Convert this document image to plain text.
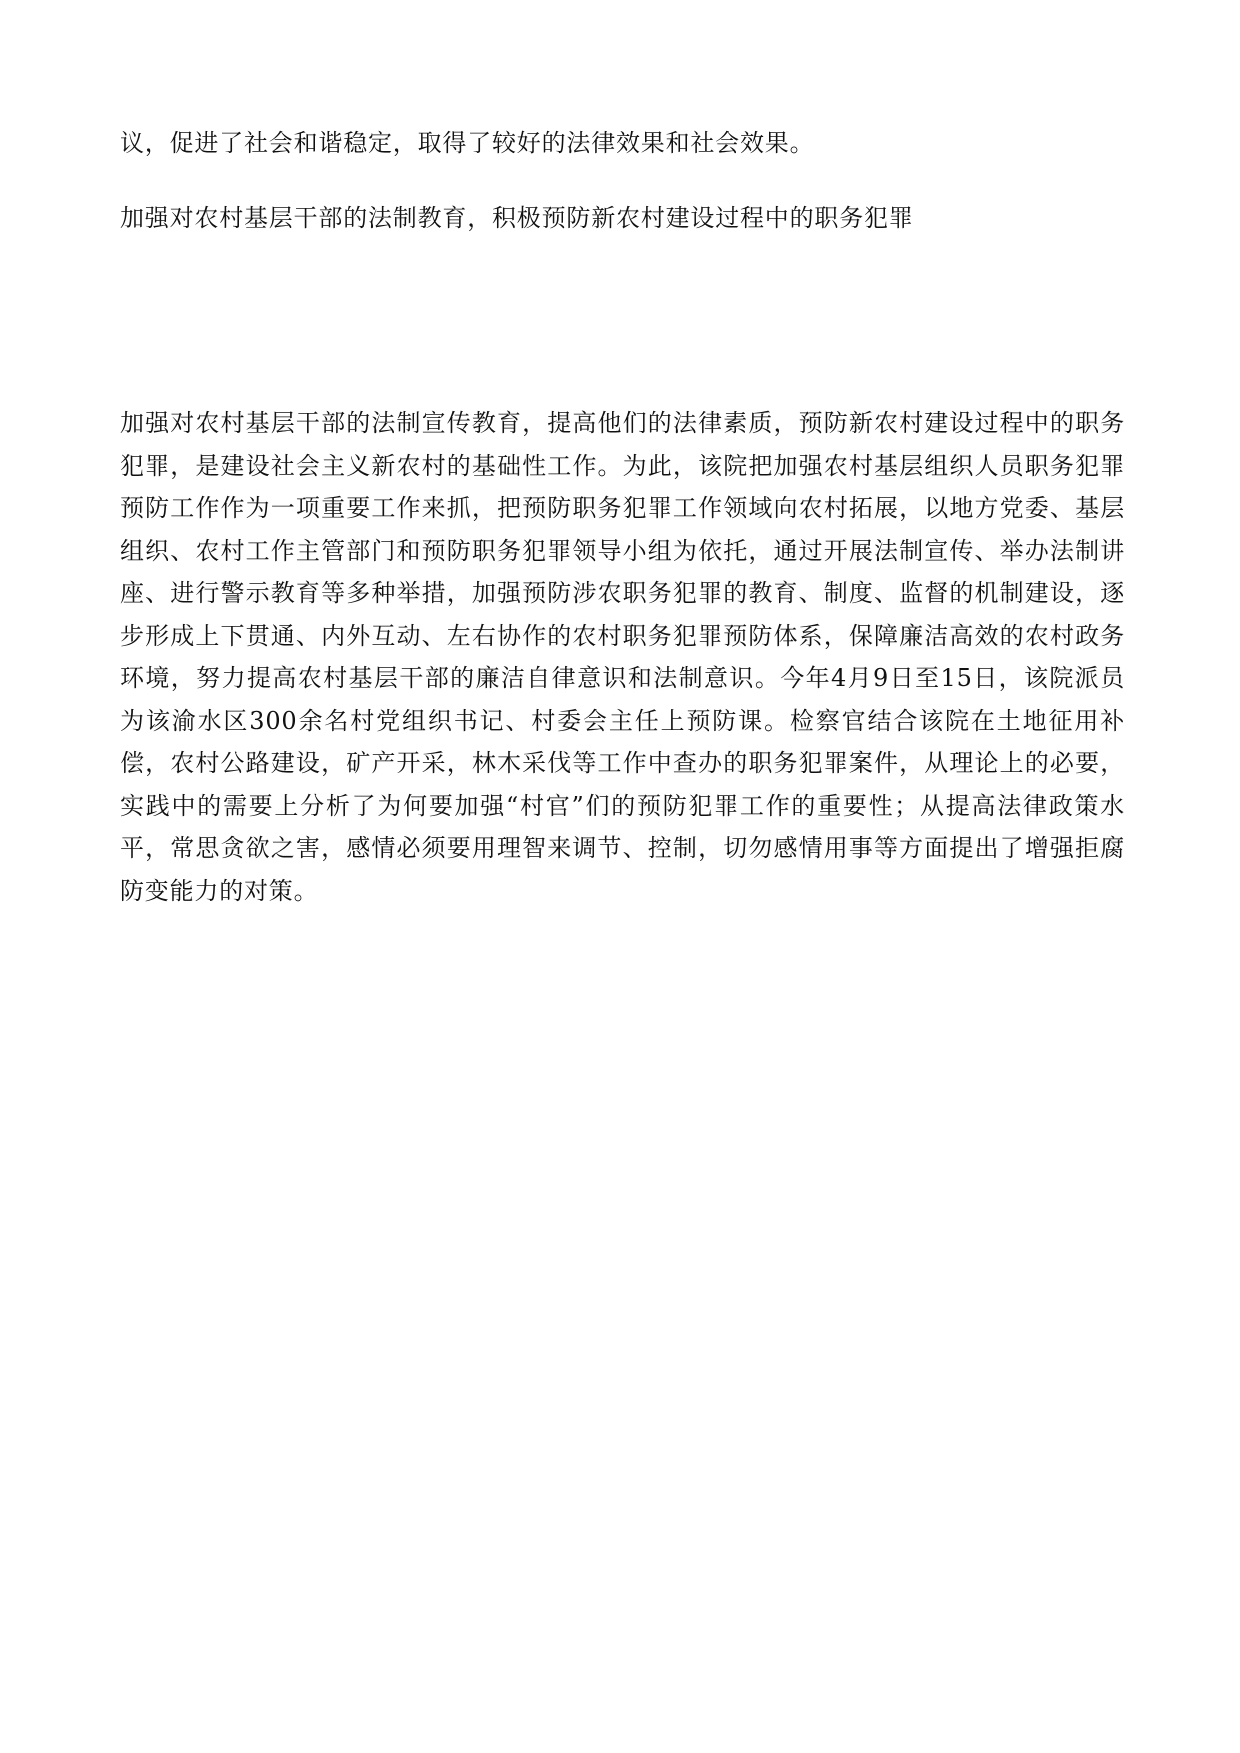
议，促进了社会和谐稳定，取得了较好的法律效果和社会效果。
加强对农村基层干部的法制教育，积极预防新农村建设过程中的职务犯罪
加强对农村基层干部的法制宣传教育，提高他们的法律素质，预防新农村建设过程中的职务犯罪，是建设社会主义新农村的基础性工作。为此，该院把加强农村基层组织人员职务犯罪预防工作作为一项重要工作来抓，把预防职务犯罪工作领域向农村拓展，以地方党委、基层组织、农村工作主管部门和预防职务犯罪领导小组为依托，通过开展法制宣传、举办法制讲座、进行警示教育等多种举措，加强预防涉农职务犯罪的教育、制度、监督的机制建设，逐步形成上下贯通、内外互动、左右协作的农村职务犯罪预防体系，保障廉洁高效的农村政务环境，努力提高农村基层干部的廉洁自律意识和法制意识。今年4月9日至15日，该院派员为该渝水区300余名村党组织书记、村委会主任上预防课。检察官结合该院在土地征用补偿，农村公路建设，矿产开采，林木采伐等工作中查办的职务犯罪案件，从理论上的必要，实践中的需要上分析了为何要加强“村官”们的预防犯罪工作的重要性；从提高法律政策水平，常思贪欲之害，感情必须要用理智来调节、控制，切勿感情用事等方面提出了增强拒腐防变能力的对策。
